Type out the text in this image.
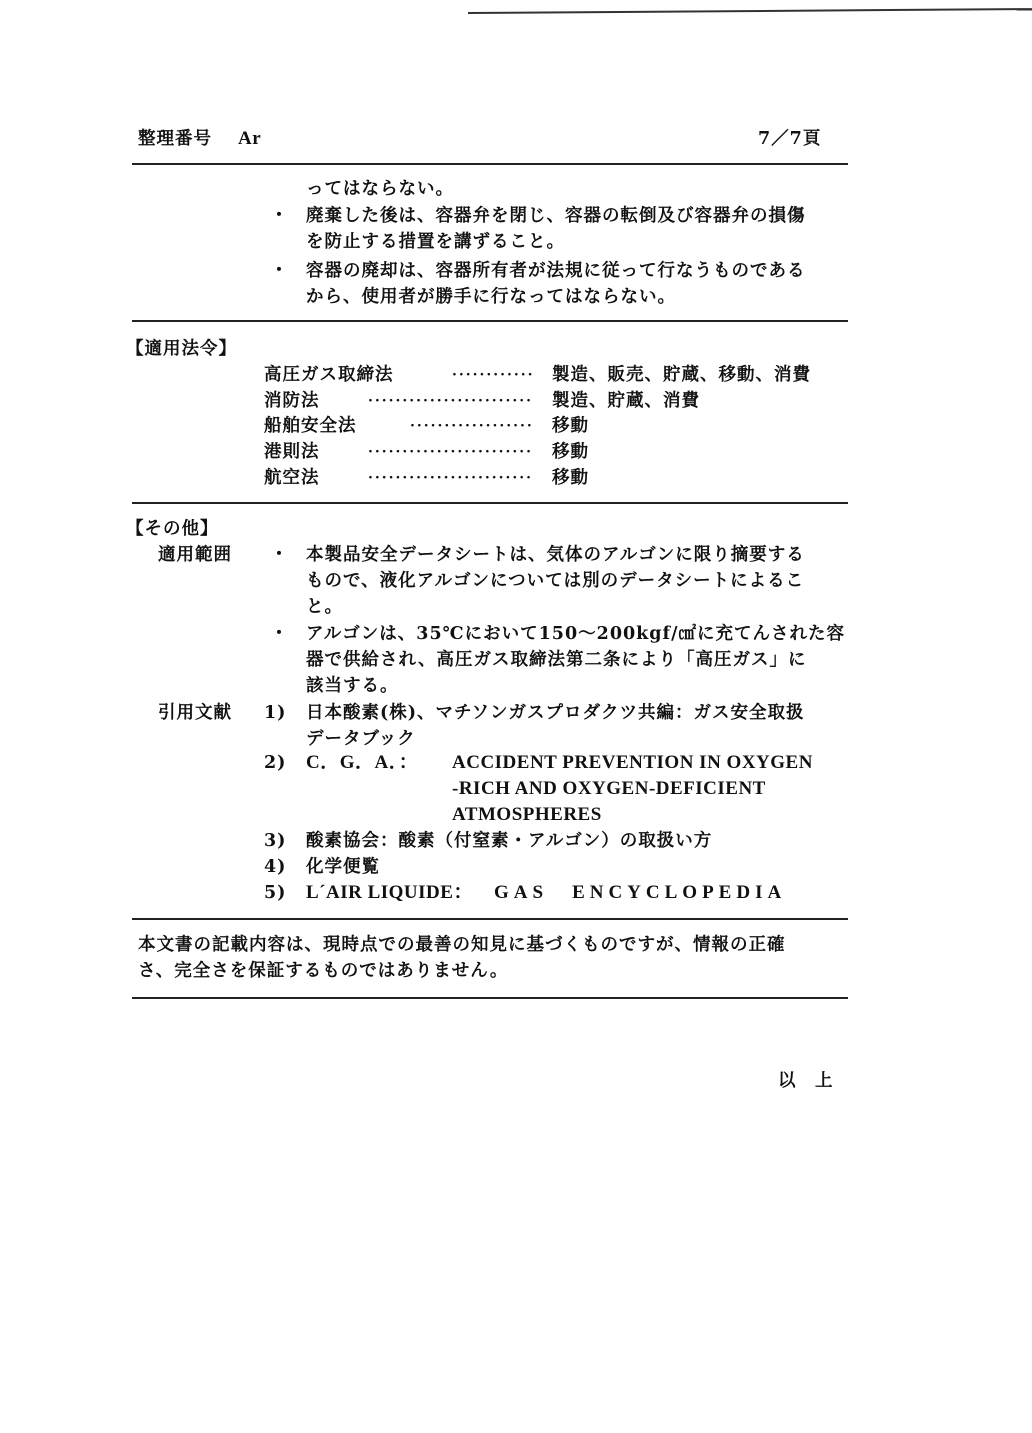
整理番号 Ar	7／7頁
ってはならない。
・ 廃棄した後は、容器弁を閉じ、容器の転倒及び容器弁の損傷
を防止する措置を講ずること。
・ 容器の廃却は、容器所有者が法規に従って行なうものである
から、使用者が勝手に行なってはならない。
【適用法令】
高圧ガス取締法 ·····	製造、販売、貯蔵、移動、消費
消防法 ·····	製造、貯蔵、消費
船舶安全法 ·····	移動
港則法 ·····	移動
航空法 ·····	移動
【その他】
適用範囲 ・ 本製品安全データシートは、気体のアルゴンに限り摘要する
もので、液化アルゴンについては別のデータシートによるこ
と。
・ アルゴンは、35℃において150～200kgf/㎠に充てんされた容
器で供給され、高圧ガス取締法第二条により「高圧ガス」に
該当する。
引用文献 1) 日本酸素(株)、マチソンガスプロダクツ共編：ガス安全取扱
データブック
2) C．G．A．： ACCIDENT PREVENTION IN OXYGEN
-RICH AND OXYGEN-DEFICIENT
ATMOSPHERES
3) 酸素協会：酸素（付窒素・アルゴン）の取扱い方
4) 化学便覧
5) L´AIR LIQUIDE： GAS　ENCYCLOPEDIA
本文書の記載内容は、現時点での最善の知見に基づくものですが、情報の正確
さ、完全さを保証するものではありません。
以　上
